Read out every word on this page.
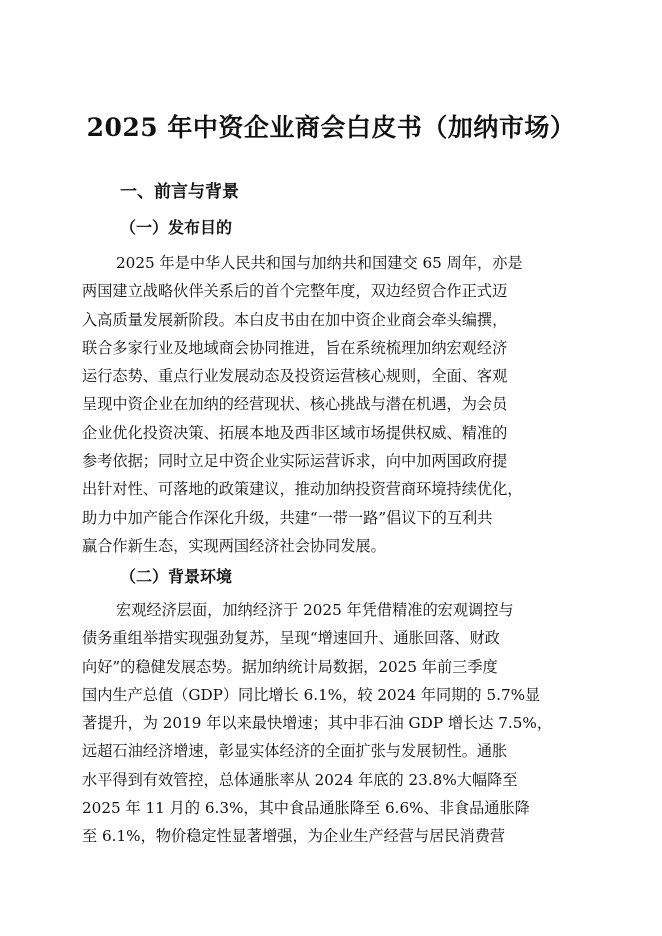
2025 年中资企业商会白皮书（加纳市场）
一、前言与背景
（一）发布目的
2025 年是中华人民共和国与加纳共和国建交 65 周年，亦是
两国建立战略伙伴关系后的首个完整年度，双边经贸合作正式迈
入高质量发展新阶段。本白皮书由在加中资企业商会牵头编撰，
联合多家行业及地域商会协同推进，旨在系统梳理加纳宏观经济
运行态势、重点行业发展动态及投资运营核心规则，全面、客观
呈现中资企业在加纳的经营现状、核心挑战与潜在机遇，为会员
企业优化投资决策、拓展本地及西非区域市场提供权威、精准的
参考依据；同时立足中资企业实际运营诉求，向中加两国政府提
出针对性、可落地的政策建议，推动加纳投资营商环境持续优化，
助力中加产能合作深化升级，共建“一带一路”倡议下的互利共
赢合作新生态，实现两国经济社会协同发展。
（二）背景环境
宏观经济层面，加纳经济于 2025 年凭借精准的宏观调控与
债务重组举措实现强劲复苏，呈现“增速回升、通胀回落、财政
向好”的稳健发展态势。据加纳统计局数据，2025 年前三季度
国内生产总值（GDP）同比增长 6.1%，较 2024 年同期的 5.7%显
著提升，为 2019 年以来最快增速；其中非石油 GDP 增长达 7.5%，
远超石油经济增速，彰显实体经济的全面扩张与发展韧性。通胀
水平得到有效管控，总体通胀率从 2024 年底的 23.8%大幅降至
2025 年 11 月的 6.3%，其中食品通胀降至 6.6%、非食品通胀降
至 6.1%，物价稳定性显著增强，为企业生产经营与居民消费营
